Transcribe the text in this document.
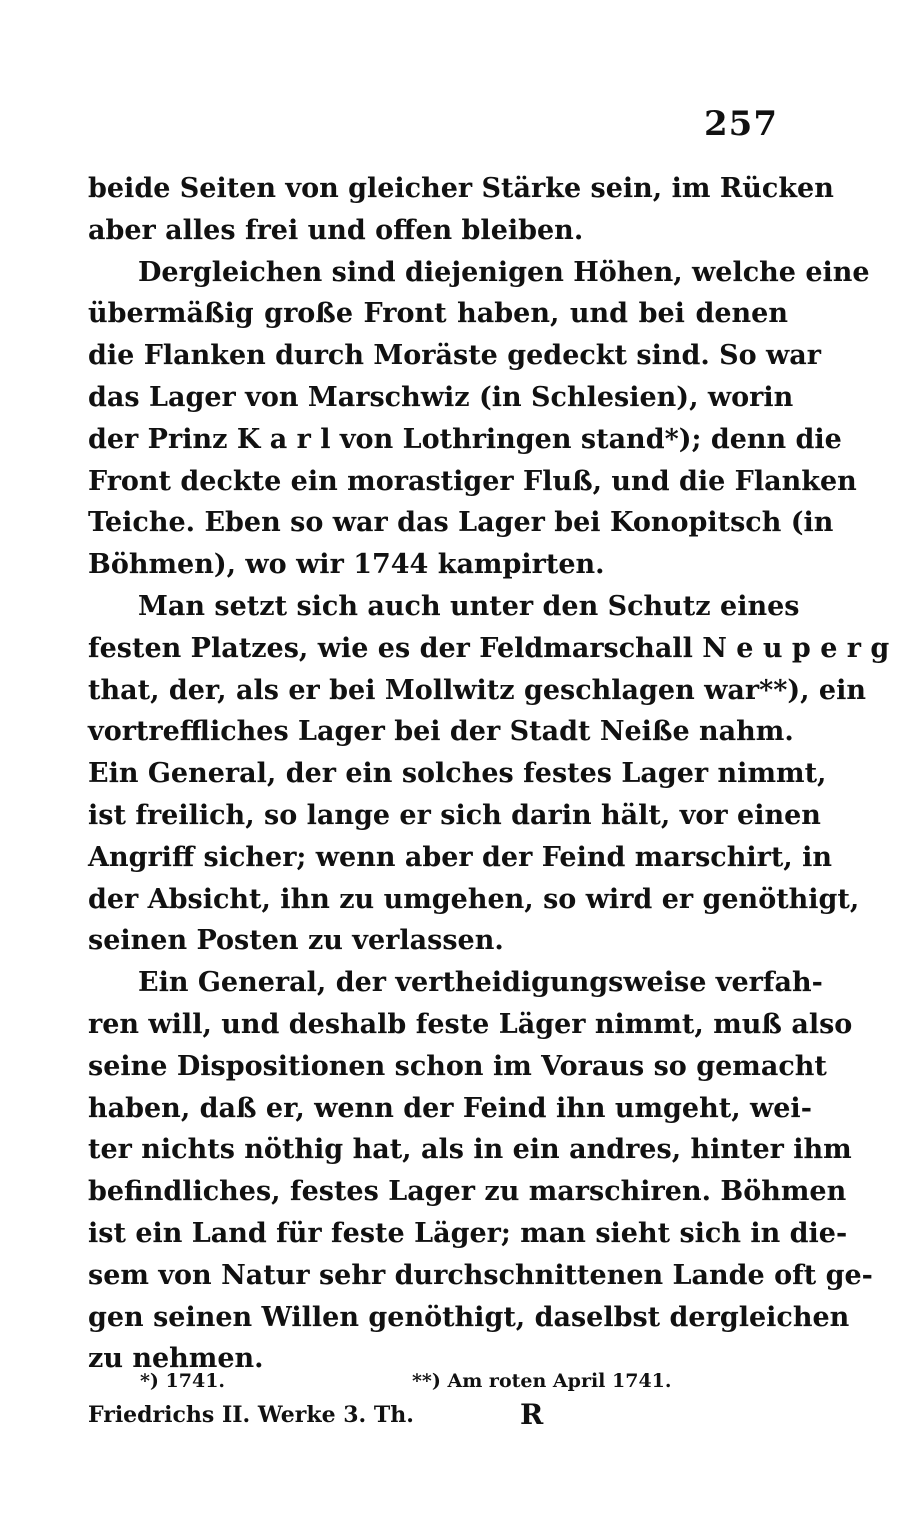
257
beide Seiten von gleicher Stärke sein, im Rücken
aber alles frei und offen bleiben.
Dergleichen sind diejenigen Höhen, welche eine
übermäßig große Front haben, und bei denen
die Flanken durch Moräste gedeckt sind. So war
das Lager von Marschwiz (in Schlesien), worin
der Prinz K a r l von Lothringen stand*); denn die
Front deckte ein morastiger Fluß, und die Flanken
Teiche. Eben so war das Lager bei Konopitsch (in
Böhmen), wo wir 1744 kampirten.
Man setzt sich auch unter den Schutz eines
festen Platzes, wie es der Feldmarschall N e u p e r g
that, der, als er bei Mollwitz geschlagen war**), ein
vortreffliches Lager bei der Stadt Neiße nahm.
Ein General, der ein solches festes Lager nimmt,
ist freilich, so lange er sich darin hält, vor einen
Angriff sicher; wenn aber der Feind marschirt, in
der Absicht, ihn zu umgehen, so wird er genöthigt,
seinen Posten zu verlassen.
Ein General, der vertheidigungsweise verfah-
ren will, und deshalb feste Läger nimmt, muß also
seine Dispositionen schon im Voraus so gemacht
haben, daß er, wenn der Feind ihn umgeht, wei-
ter nichts nöthig hat, als in ein andres, hinter ihm
befindliches, festes Lager zu marschiren. Böhmen
ist ein Land für feste Läger; man sieht sich in die-
sem von Natur sehr durchschnittenen Lande oft ge-
gen seinen Willen genöthigt, daselbst dergleichen
zu nehmen.
*) 1741.	**) Am roten April 1741.
Friedrichs II. Werke 3. Th.	R
